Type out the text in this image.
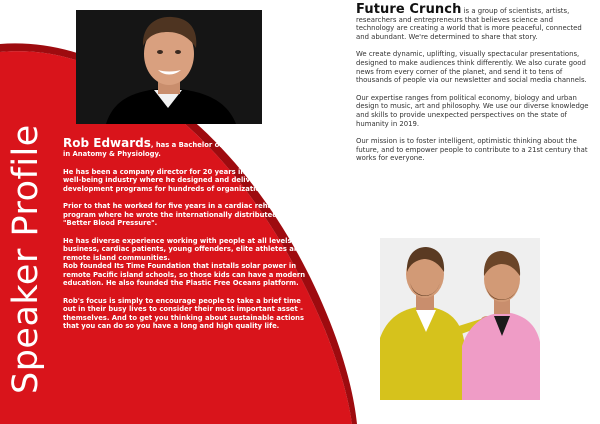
Speaker Profile Rob Edwards, has a Bachelor of Science with majors in Anatomy & Physiology.

He has been a company director for 20 years in the health and well-being industry where he designed and delivered staff development programs for hundreds of organizations.

Prior to that he worked for five years in a cardiac rehabilitation program where he wrote the internationally distributed book "Better Blood Pressure".

He has diverse experience working with people at all levels of business, cardiac patients, young offenders, elite athletes and remote island communities.
Rob founded Its Time Foundation that installs solar power in remote Pacific island schools, so those kids can have a modern education. He also founded the Plastic Free Oceans platform.

Rob's focus is simply to encourage people to take a brief time out in their busy lives to consider their most important asset - themselves. And to get you thinking about sustainable actions that you can do so you have a long and high quality life.

Future Crunch is a group of scientists, artists, researchers and entrepreneurs that believes science and technology are creating a world that is more peaceful, connected and abundant. We're determined to share that story.

We create dynamic, uplifting, visually spectacular presentations, designed to make audiences think differently. We also curate good news from every corner of the planet, and send it to tens of thousands of people via our newsletter and social media channels.

Our expertise ranges from political economy, biology and urban design to music, art and philosophy. We use our diverse knowledge and skills to provide unexpected perspectives on the state of humanity in 2019.

Our mission is to foster intelligent, optimistic thinking about the future, and to empower people to contribute to a 21st century that works for everyone.
